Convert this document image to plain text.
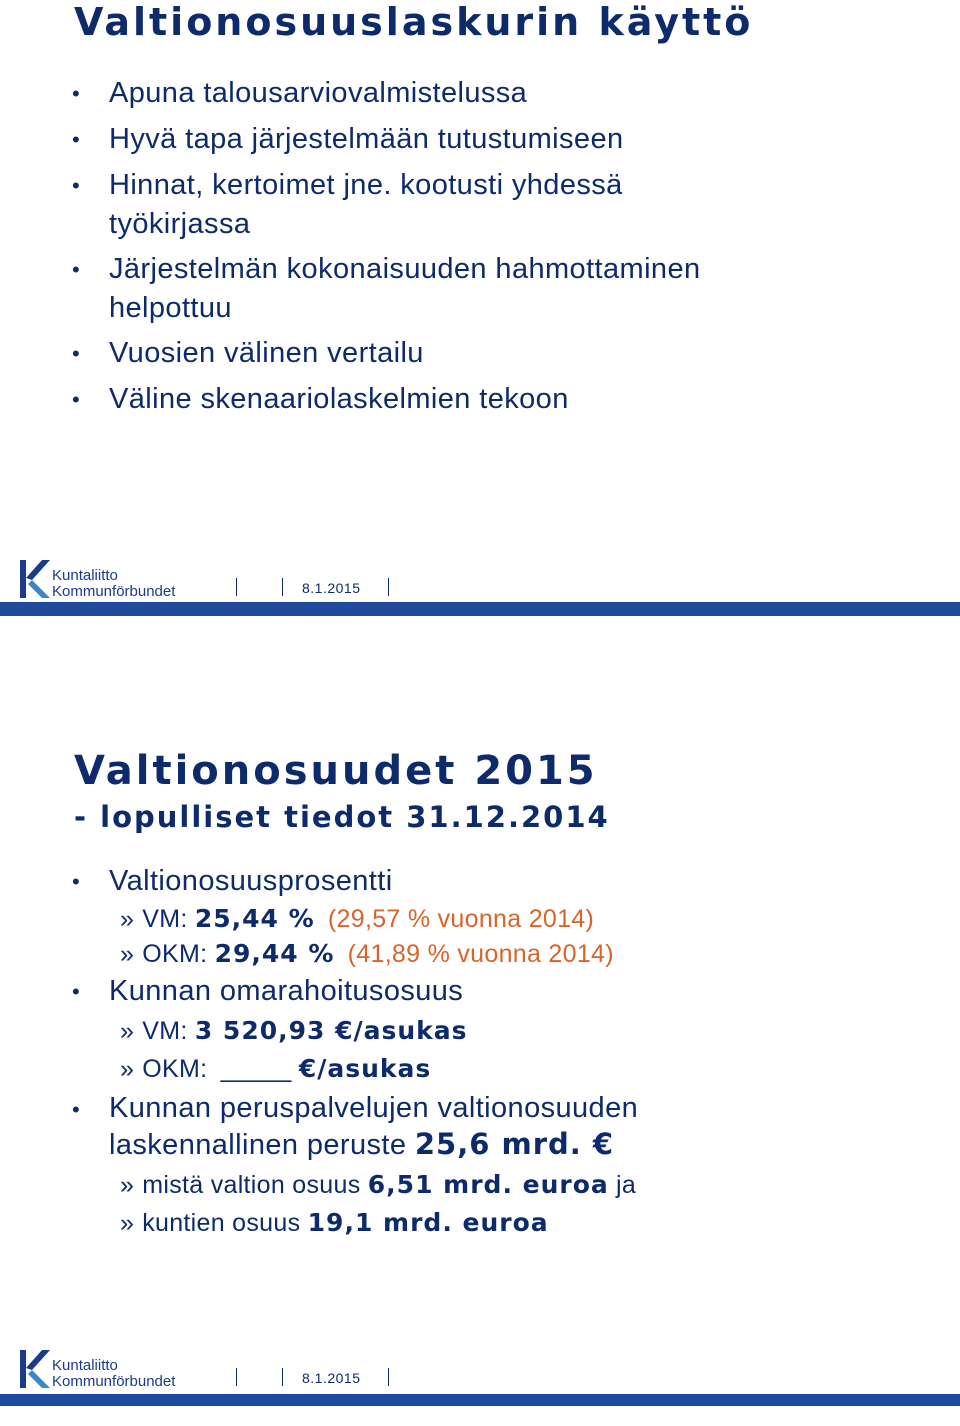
Valtionosuuslaskurin käyttö
• Apuna talousarviovalmistelussa
• Hyvä tapa järjestelmään tutustumiseen
• Hinnat, kertoimet jne. kootusti yhdessä työkirjassa
• Järjestelmän kokonaisuuden hahmottaminen helpottuu
• Vuosien välinen vertailu
• Väline skenaariolaskelmien tekoon
Kuntaliitto
Kommunförbundet	8.1.2015
Valtionosuudet 2015
- lopulliset tiedot 31.12.2014
• Valtionosuusprosentti
» VM: 25,44 % (29,57 % vuonna 2014)
» OKM: 29,44 % (41,89 % vuonna 2014)
• Kunnan omarahoitusosuus
» VM: 3 520,93 €/asukas
» OKM: _____ €/asukas
• Kunnan peruspalvelujen valtionosuuden laskennallinen peruste 25,6 mrd. €
» mistä valtion osuus 6,51 mrd. euroa ja
» kuntien osuus 19,1 mrd. euroa
Kuntaliitto
Kommunförbundet	8.1.2015
